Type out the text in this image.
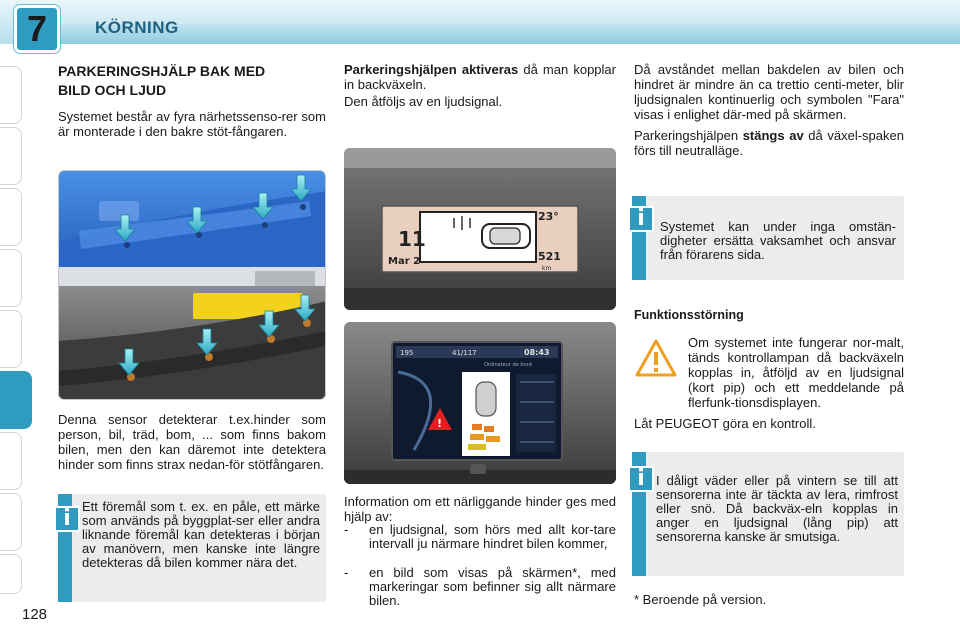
7	KÖRNING
128
PARKERINGSHJÄLP BAK MED
BILD OCH LJUD
Systemet består av fyra närhetssenso-rer som är monterade i den bakre stöt-fångaren.
Denna sensor detekterar t.ex.hinder som person, bil, träd, bom, ... som finns bakom bilen, men den kan däremot inte detektera hinder som finns strax nedan-för stötfångaren.
i Ett föremål som t. ex. en påle, ett märke som används på byggplat-ser eller andra liknande föremål kan detekteras i början av manövern, men kanske inte längre detekteras då bilen kommer nära det.
Parkeringshjälpen aktiveras då man kopplar in backväxeln.
Den åtföljs av en ljudsignal.
11
Mar 2
23°
521
km
195	41/117	08:43
Ordinateur de bord
!
Information om ett närliggande hinder ges med hjälp av:
-	en ljudsignal, som hörs med allt kor-tare intervall ju närmare hindret bilen kommer,
-	en bild som visas på skärmen*, med markeringar som befinner sig allt närmare bilen.
Då avståndet mellan bakdelen av bilen och hindret är mindre än ca trettio centi-meter, blir ljudsignalen kontinuerlig och symbolen "Fara" visas i enlighet där-med på skärmen.
Parkeringshjälpen stängs av då växel-spaken förs till neutralläge.
i	Systemet kan under inga omstän-digheter ersätta vaksamhet och ansvar från förarens sida.
Funktionsstörning
Om systemet inte fungerar nor-malt, tänds kontrollampan då backväxeln kopplas in, åtföljd av en ljudsignal (kort pip) och ett meddelande på flerfunk-tionsdisplayen.
Låt PEUGEOT göra en kontroll.
i I dåligt väder eller på vintern se till att sensorerna inte är täckta av lera, rimfrost eller snö. Då backväx-eln kopplas in anger en ljudsignal (lång pip) att sensorerna kanske är smutsiga.
* Beroende på version.
